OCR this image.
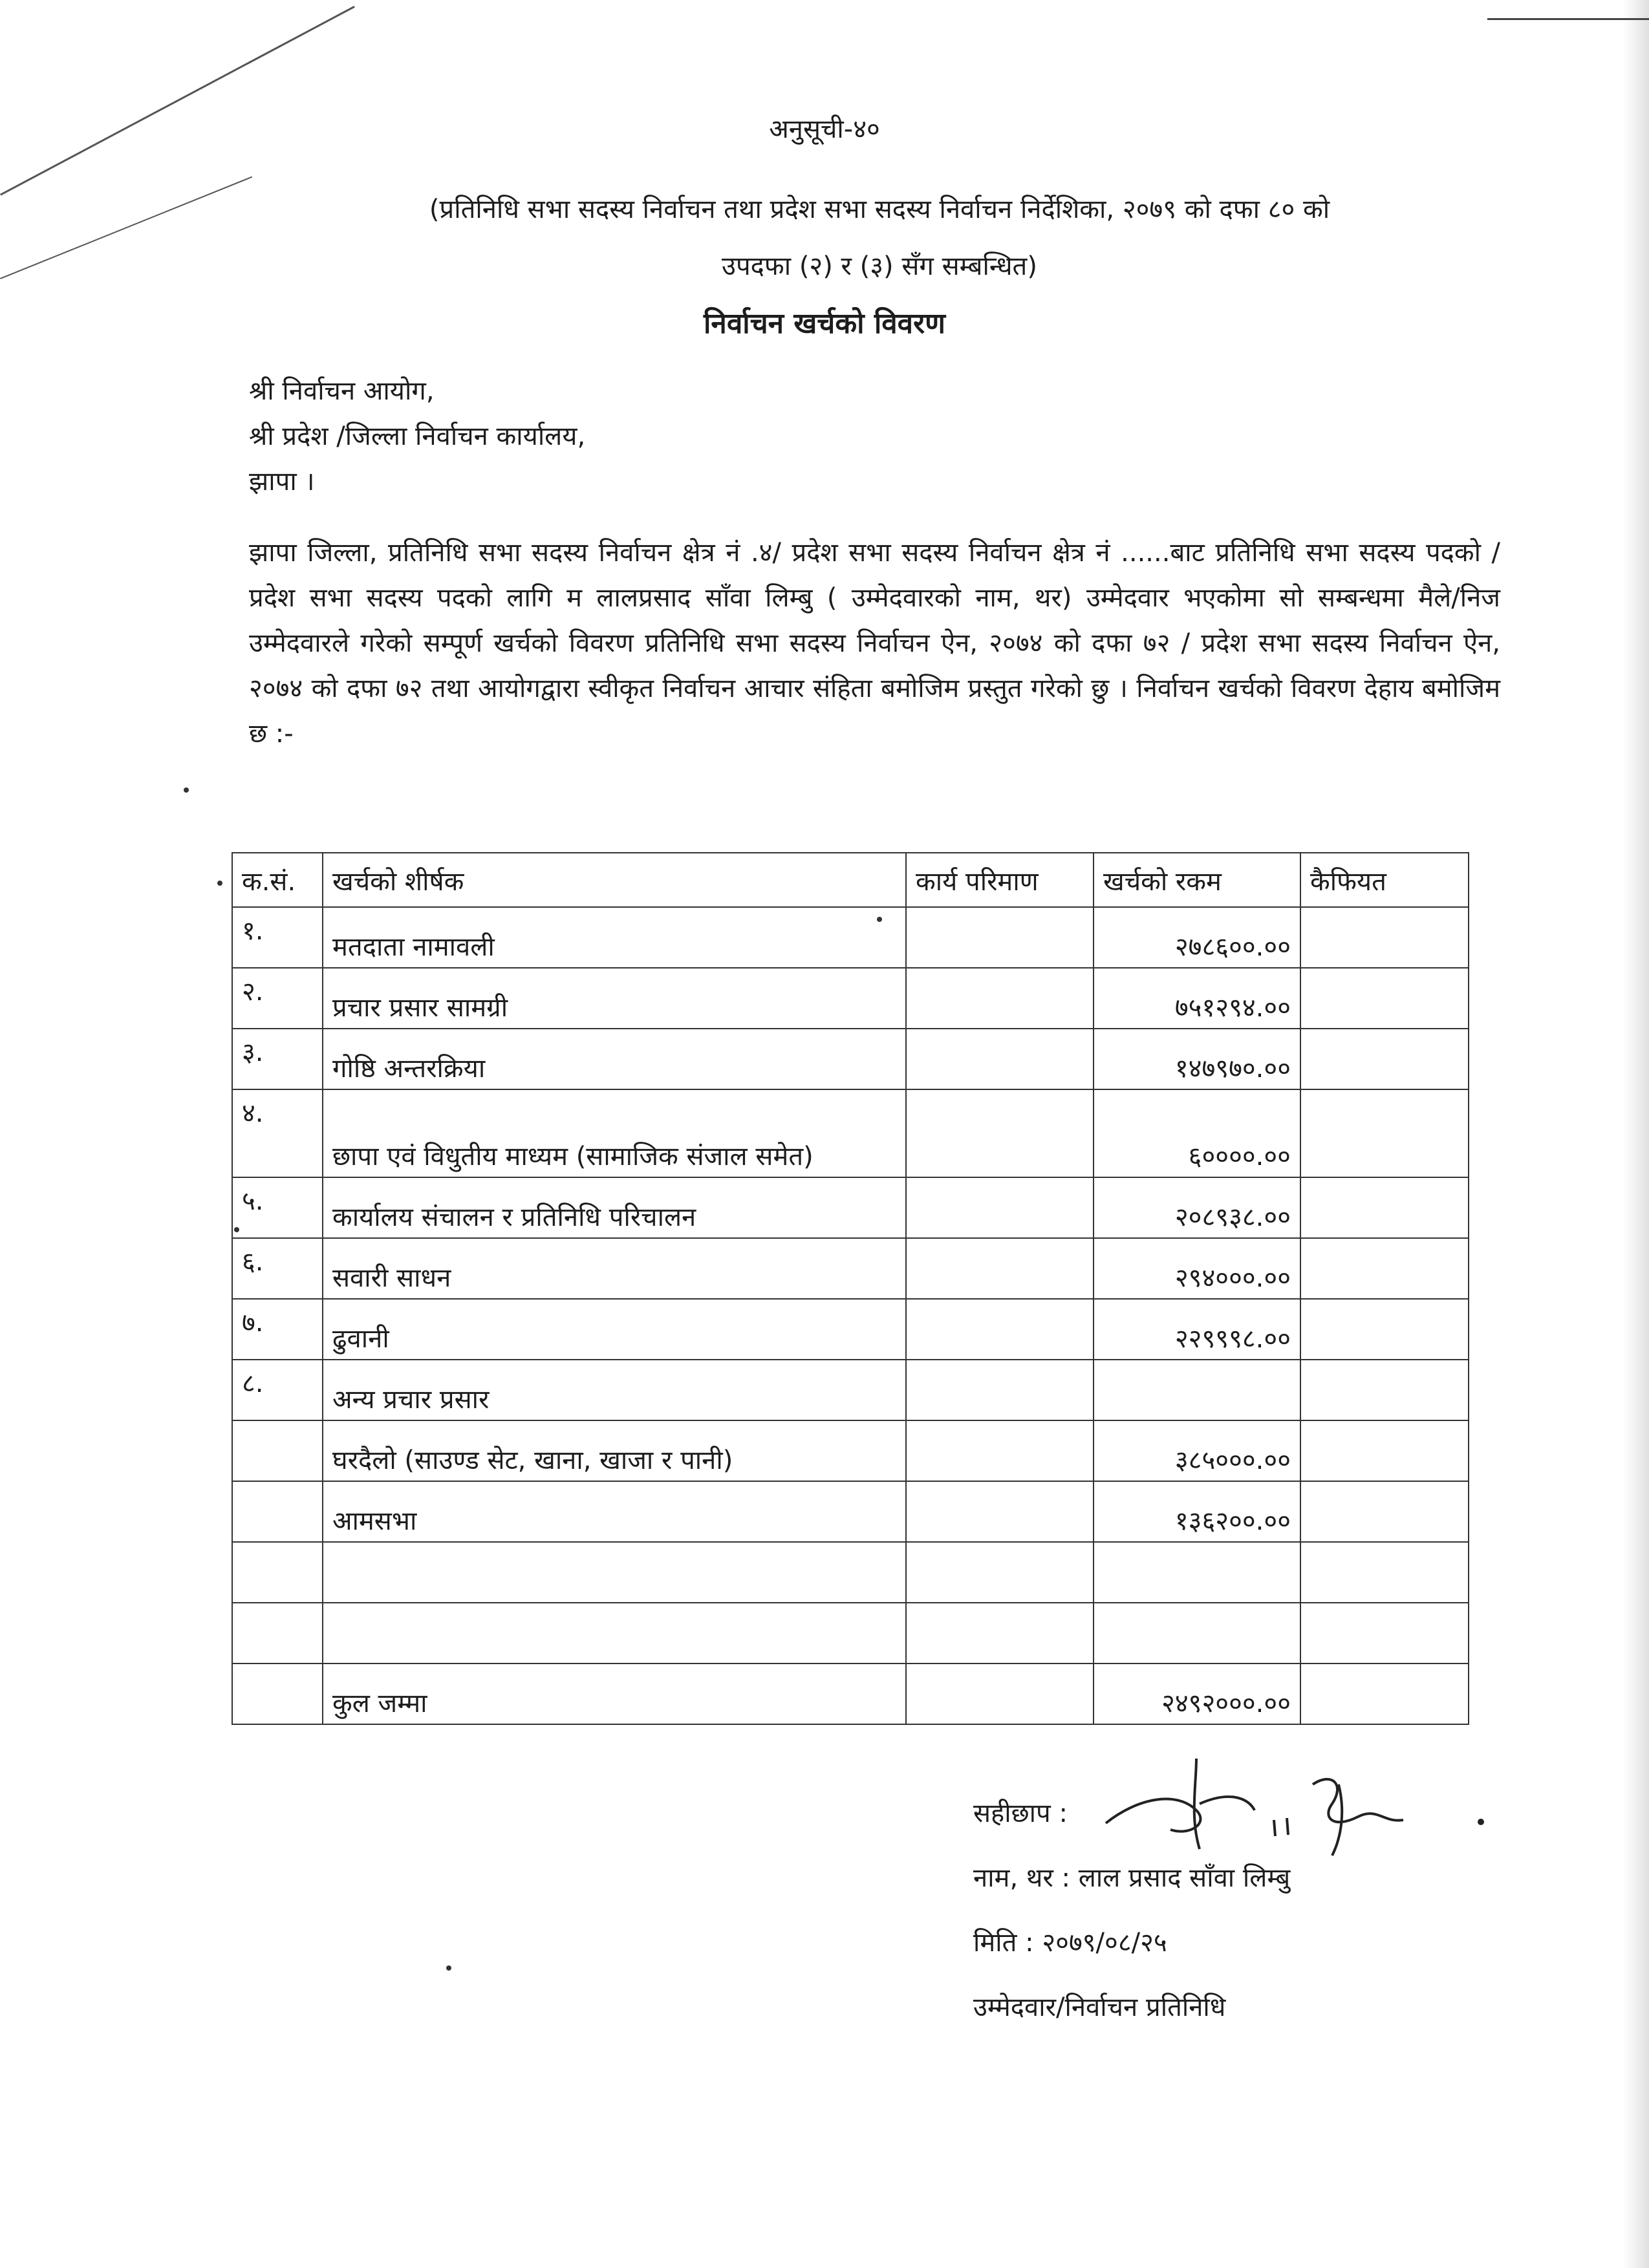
अनुसूची-४०
(प्रतिनिधि सभा सदस्य निर्वाचन तथा प्रदेश सभा सदस्य निर्वाचन निर्देशिका, २०७९ को दफा ८० को
उपदफा (२) र (३) सँग सम्बन्धित)
निर्वाचन खर्चको विवरण
श्री निर्वाचन आयोग,
श्री प्रदेश /जिल्ला निर्वाचन कार्यालय,
झापा ।
झापा जिल्ला, प्रतिनिधि सभा सदस्य निर्वाचन क्षेत्र नं .४/ प्रदेश सभा सदस्य निर्वाचन क्षेत्र नं ......बाट प्रतिनिधि सभा सदस्य पदको / प्रदेश सभा सदस्य पदको लागि म लालप्रसाद साँवा लिम्बु ( उम्मेदवारको नाम, थर) उम्मेदवार भएकोमा सो सम्बन्धमा मैले/निज उम्मेदवारले गरेको सम्पूर्ण खर्चको विवरण प्रतिनिधि सभा सदस्य निर्वाचन ऐन, २०७४ को दफा ७२ / प्रदेश सभा सदस्य निर्वाचन ऐन, २०७४ को दफा ७२ तथा आयोगद्वारा स्वीकृत निर्वाचन आचार संहिता बमोजिम प्रस्तुत गरेको छु । निर्वाचन खर्चको विवरण देहाय बमोजिम छ :-
क.सं.	खर्चको शीर्षक	कार्य परिमाण	खर्चको रकम	कैफियत
१.	मतदाता नामावली		२७८६००.००	
२.	प्रचार प्रसार सामग्री		७५१२९४.००	
३.	गोष्ठि अन्तरक्रिया		१४७९७०.००	
४.	छापा एवं विधुतीय माध्यम (सामाजिक संजाल समेत)		६००००.००	
५.	कार्यालय संचालन र प्रतिनिधि परिचालन		२०८९३८.००	
६.	सवारी साधन		२९४०००.००	
७.	ढुवानी		२२९९९८.००	
८.	अन्य प्रचार प्रसार			
	घरदैलो (साउण्ड सेट, खाना, खाजा र पानी)		३८५०००.००	
	आमसभा		१३६२००.००	

	कुल जम्मा		२४९२०००.००	
सहीछाप :
नाम, थर : लाल प्रसाद साँवा लिम्बु
मिति : २०७९/०८/२५
उम्मेदवार/निर्वाचन प्रतिनिधि
